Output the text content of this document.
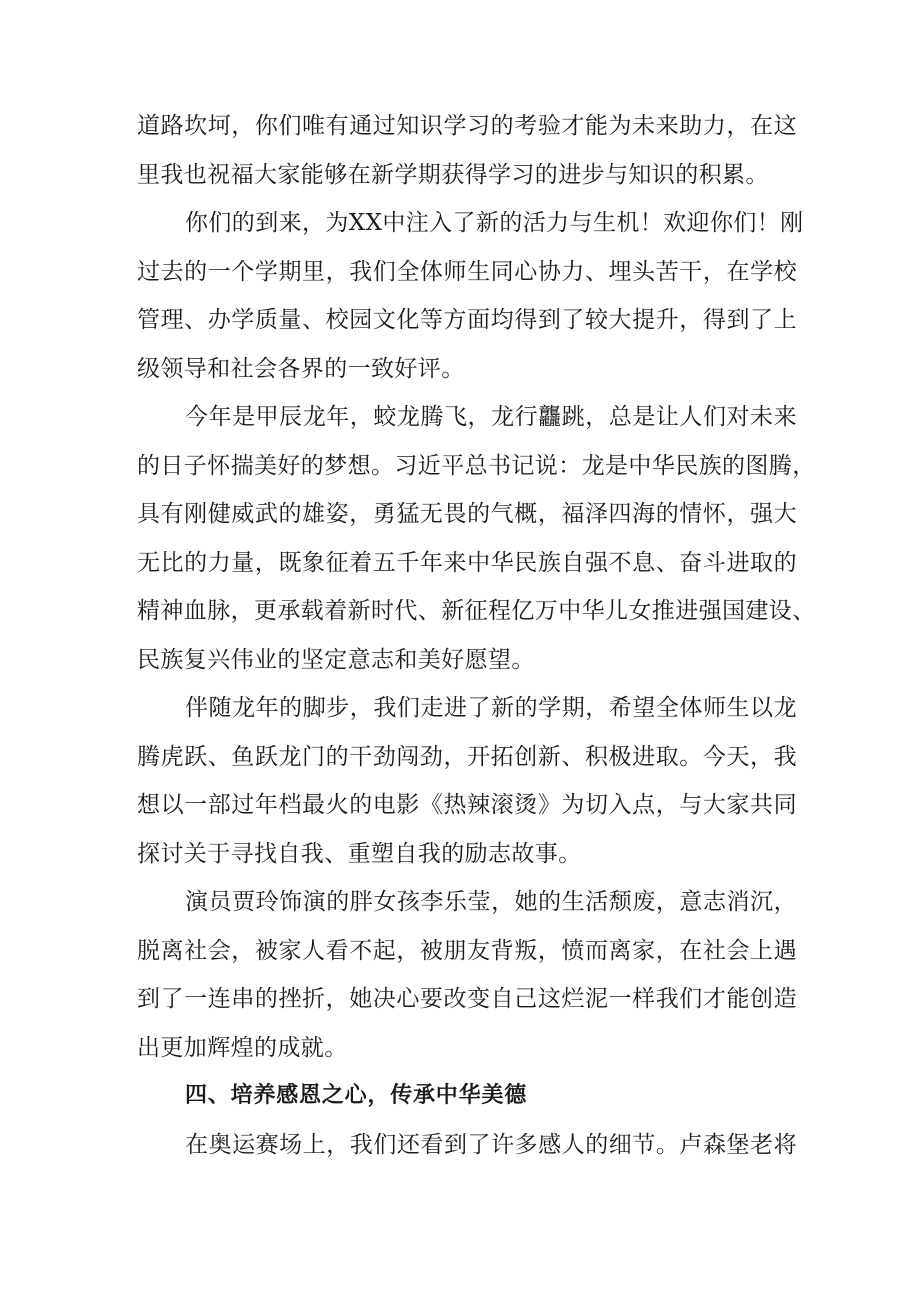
道路坎坷，你们唯有通过知识学习的考验才能为未来助力，在这
里我也祝福大家能够在新学期获得学习的进步与知识的积累。

你们的到来，为XX中注入了新的活力与生机！欢迎你们！刚
过去的一个学期里，我们全体师生同心协力、埋头苦干，在学校
管理、办学质量、校园文化等方面均得到了较大提升，得到了上
级领导和社会各界的一致好评。

今年是甲辰龙年，蛟龙腾飞，龙行龘跳，总是让人们对未来
的日子怀揣美好的梦想。习近平总书记说：龙是中华民族的图腾，
具有刚健威武的雄姿，勇猛无畏的气概，福泽四海的情怀，强大
无比的力量，既象征着五千年来中华民族自强不息、奋斗进取的
精神血脉，更承载着新时代、新征程亿万中华儿女推进强国建设、
民族复兴伟业的坚定意志和美好愿望。

伴随龙年的脚步，我们走进了新的学期，希望全体师生以龙
腾虎跃、鱼跃龙门的干劲闯劲，开拓创新、积极进取。今天，我
想以一部过年档最火的电影《热辣滚烫》为切入点，与大家共同
探讨关于寻找自我、重塑自我的励志故事。

演员贾玲饰演的胖女孩李乐莹，她的生活颓废，意志消沉，
脱离社会，被家人看不起，被朋友背叛，愤而离家，在社会上遇
到了一连串的挫折，她决心要改变自己这烂泥一样我们才能创造
出更加辉煌的成就。

四、培养感恩之心，传承中华美德

在奥运赛场上，我们还看到了许多感人的细节。卢森堡老将
